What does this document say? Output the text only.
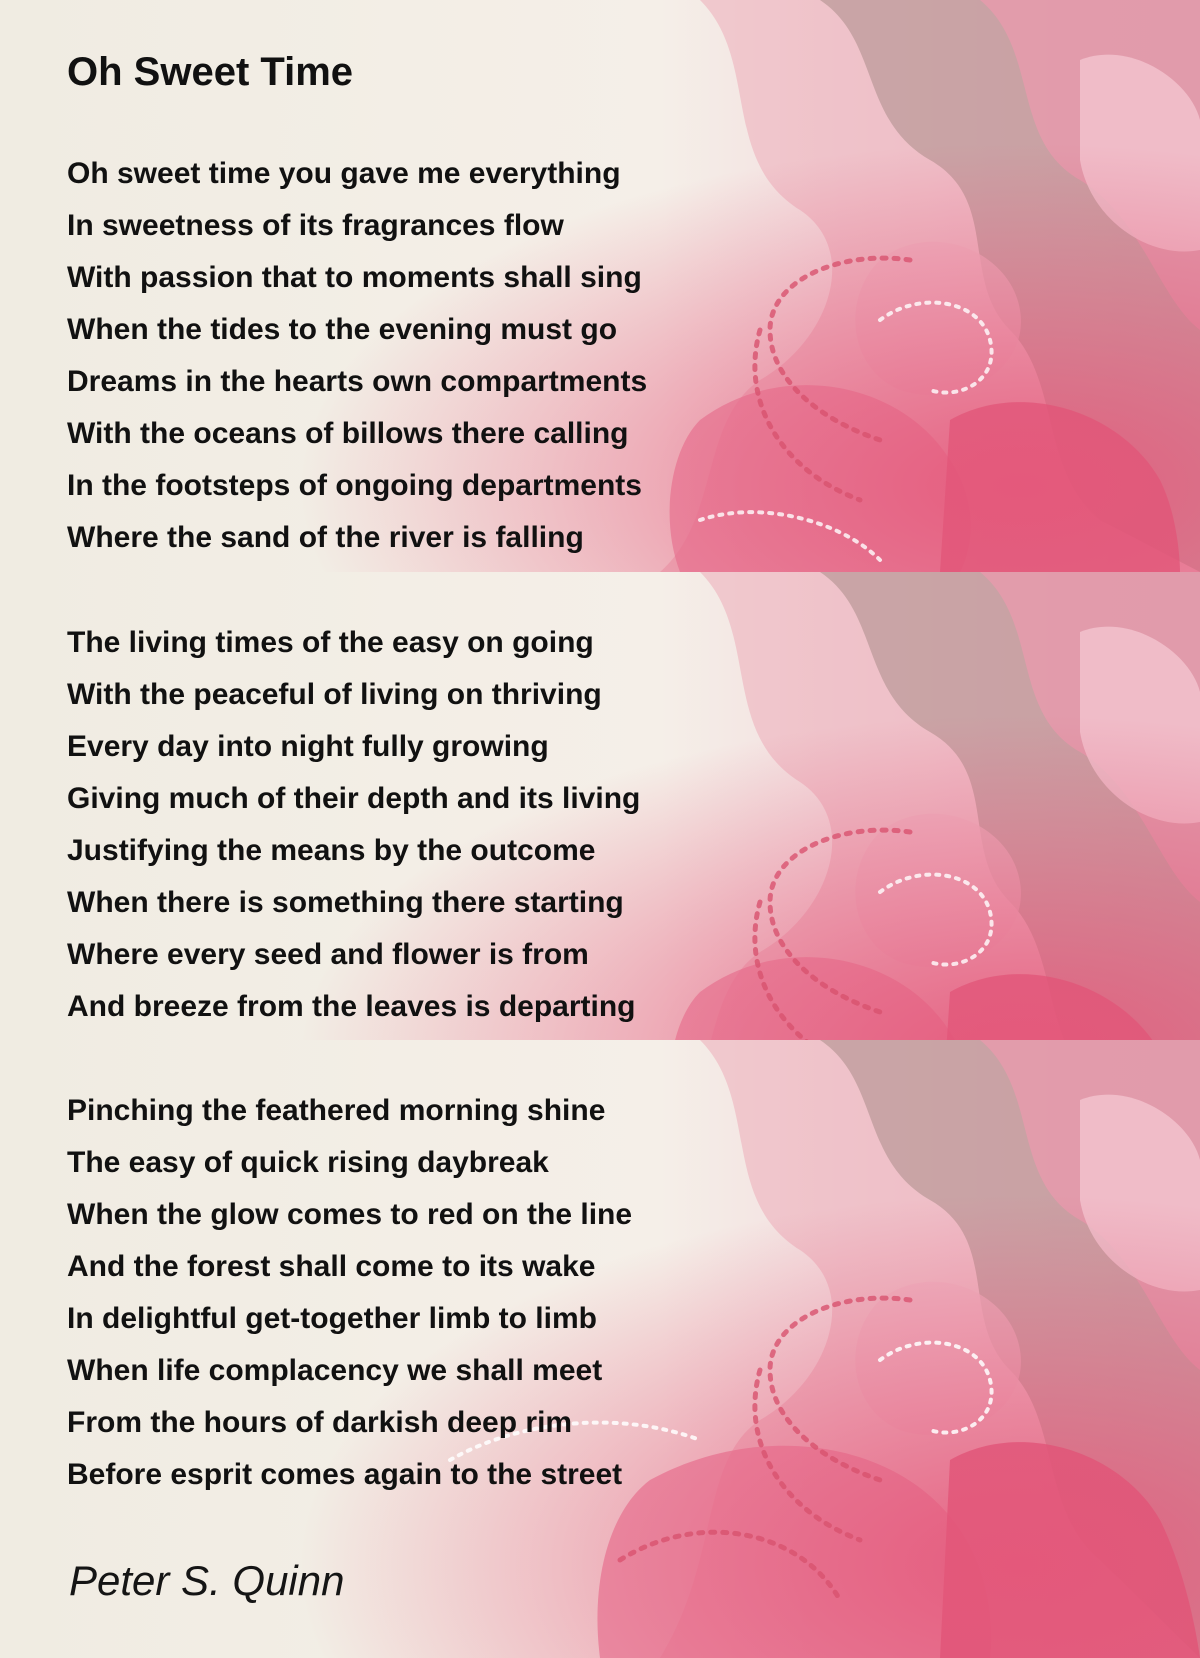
Oh Sweet Time
Oh sweet time you gave me everything
In sweetness of its fragrances flow
With passion that to moments shall sing
When the tides to the evening must go
Dreams in the hearts own compartments
With the oceans of billows there calling
In the footsteps of ongoing departments
Where the sand of the river is falling
The living times of the easy on going
With the peaceful of living on thriving
Every day into night fully growing
Giving much of their depth and its living
Justifying the means by the outcome
When there is something there starting
Where every seed and flower is from
And breeze from the leaves is departing
Pinching the feathered morning shine
The easy of quick rising daybreak
When the glow comes to red on the line
And the forest shall come to its wake
In delightful get-together limb to limb
When life complacency we shall meet
From the hours of darkish deep rim
Before esprit comes again to the street
Peter S. Quinn
